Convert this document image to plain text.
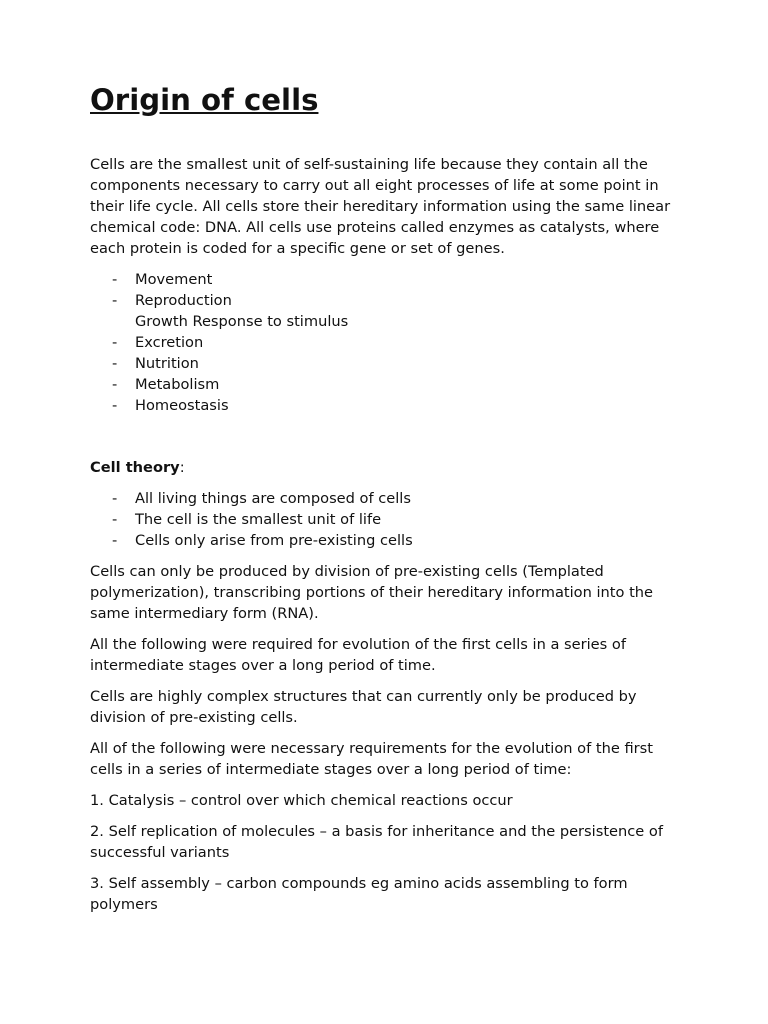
Origin of cells

Cells are the smallest unit of self-sustaining life because they contain all the components necessary to carry out all eight processes of life at some point in their life cycle. All cells store their hereditary information using the same linear chemical code: DNA. All cells use proteins called enzymes as catalysts, where each protein is coded for a specific gene or set of genes.

- Movement
- Reproduction
Growth Response to stimulus
- Excretion
- Nutrition
- Metabolism
- Homeostasis

Cell theory:

- All living things are composed of cells
- The cell is the smallest unit of life
- Cells only arise from pre-existing cells

Cells can only be produced by division of pre-existing cells (Templated polymerization), transcribing portions of their hereditary information into the same intermediary form (RNA).

All the following were required for evolution of the first cells in a series of intermediate stages over a long period of time.

Cells are highly complex structures that can currently only be produced by division of pre-existing cells.

All of the following were necessary requirements for the evolution of the first cells in a series of intermediate stages over a long period of time:

1. Catalysis – control over which chemical reactions occur

2. Self replication of molecules – a basis for inheritance and the persistence of successful variants

3. Self assembly – carbon compounds eg amino acids assembling to form polymers
